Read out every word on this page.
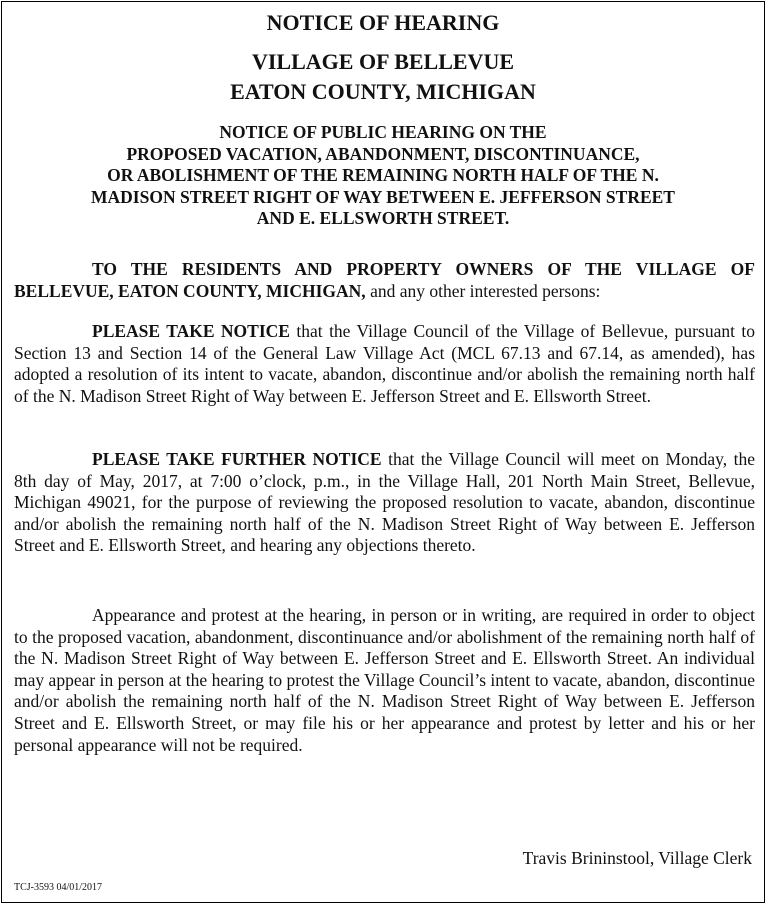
NOTICE OF HEARING
VILLAGE OF BELLEVUE
EATON COUNTY, MICHIGAN
NOTICE OF PUBLIC HEARING ON THE
PROPOSED VACATION, ABANDONMENT, DISCONTINUANCE,
OR ABOLISHMENT OF THE REMAINING NORTH HALF OF THE N.
MADISON STREET RIGHT OF WAY BETWEEN E. JEFFERSON STREET
AND E. ELLSWORTH STREET.

TO THE RESIDENTS AND PROPERTY OWNERS OF THE VILLAGE OF BELLEVUE, EATON COUNTY, MICHIGAN, and any other interested persons:

PLEASE TAKE NOTICE that the Village Council of the Village of Bellevue, pursuant to Section 13 and Section 14 of the General Law Village Act (MCL 67.13 and 67.14, as amended), has adopted a resolution of its intent to vacate, abandon, discontinue and/or abolish the remaining north half of the N. Madison Street Right of Way between E. Jefferson Street and E. Ellsworth Street.

PLEASE TAKE FURTHER NOTICE that the Village Council will meet on Monday, the 8th day of May, 2017, at 7:00 o’clock, p.m., in the Village Hall, 201 North Main Street, Bellevue, Michigan 49021, for the purpose of reviewing the proposed resolution to vacate, abandon, discontinue and/or abolish the remaining north half of the N. Madison Street Right of Way between E. Jefferson Street and E. Ellsworth Street, and hearing any objections thereto.

Appearance and protest at the hearing, in person or in writing, are required in order to object to the proposed vacation, abandonment, discontinuance and/or abolishment of the remaining north half of the N. Madison Street Right of Way between E. Jefferson Street and E. Ellsworth Street. An individual may appear in person at the hearing to protest the Village Council’s intent to vacate, abandon, discontinue and/or abolish the remaining north half of the N. Madison Street Right of Way between E. Jefferson Street and E. Ellsworth Street, or may file his or her appearance and protest by letter and his or her personal appearance will not be required.

Travis Brininstool, Village Clerk
TCJ-3593 04/01/2017
